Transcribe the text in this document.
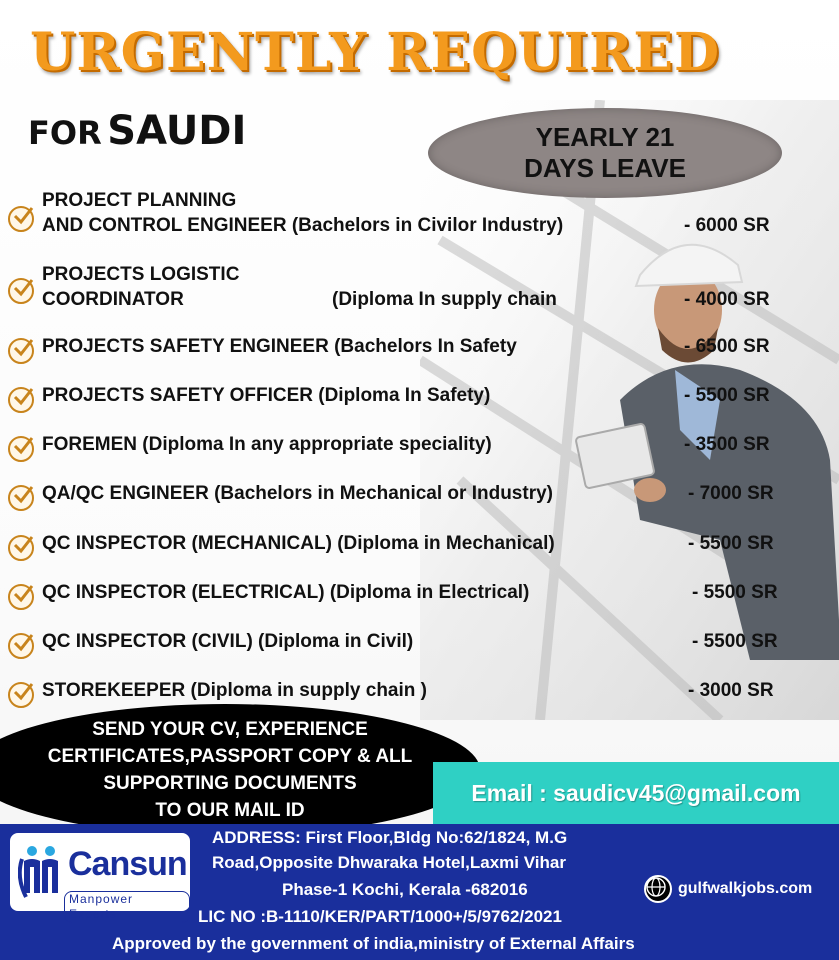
URGENTLY REQUIRED
FOR SAUDI	YEARLY 21
DAYS LEAVE
PROJECT PLANNING
AND CONTROL ENGINEER (Bachelors in Civilor Industry)	- 6000 SR
PROJECTS LOGISTIC
COORDINATOR	(Diploma In supply chain	- 4000 SR
PROJECTS SAFETY ENGINEER (Bachelors In Safety	- 6500 SR
PROJECTS SAFETY OFFICER (Diploma In Safety)	- 5500 SR
FOREMEN (Diploma In any appropriate speciality)	- 3500 SR
QA/QC ENGINEER (Bachelors in Mechanical or Industry)	- 7000 SR
QC INSPECTOR (MECHANICAL) (Diploma in Mechanical)	- 5500 SR
QC INSPECTOR (ELECTRICAL) (Diploma in Electrical)	- 5500 SR
QC INSPECTOR (CIVIL) (Diploma in Civil)	- 5500 SR
STOREKEEPER (Diploma in supply chain )	- 3000 SR
SEND YOUR CV, EXPERIENCE
CERTIFICATES,PASSPORT COPY & ALL
SUPPORTING DOCUMENTS
TO OUR MAIL ID
Email : saudicv45@gmail.com
Cansun
Manpower Experts
ADDRESS: First Floor,Bldg No:62/1824, M.G
Road,Opposite Dhwaraka Hotel,Laxmi Vihar
Phase-1 Kochi, Kerala -682016
LIC NO :B-1110/KER/PART/1000+/5/9762/2021
Approved by the government of india,ministry of External Affairs
gulfwalkjobs.com
